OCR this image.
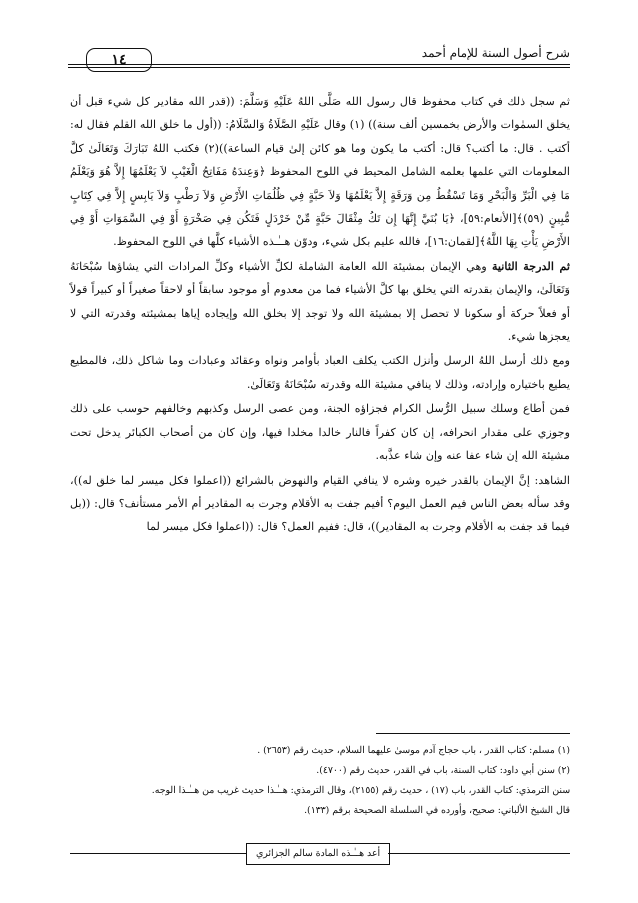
شرح أصول السنة للإمام أحمد
١٤

ثم سجل ذلك في كتاب محفوظ قال رسول الله صَلَّى اللهُ عَلَيْهِ وَسَلَّمَ: ((قدر الله مقادير كل شيء قبل أن يخلق السمٰوات والأرض بخمسين ألف سنة)) (١) وقال عَلَيْهِ الصَّلَاةُ وَالسَّلَامُ: ((أول ما خلق الله القلم فقال له: أكتب . قال: ما أكتب؟ قال: أكتب ما يكون وما هو كائن إلىٰ قيام الساعة))(٢) فكتب اللهُ تَبَارَكَ وَتَعَالَىٰ كلَّ المعلومات التي علمها بعلمه الشامل المحيط في اللوح المحفوظ ﴿وَعِندَهُ مَفَاتِحُ الْغَيْبِ لاَ يَعْلَمُهَا إِلاَّ هُوَ وَيَعْلَمُ مَا فِي الْبَرِّ وَالْبَحْرِ وَمَا تَسْقُطُ مِن وَرَقَةٍ إِلاَّ يَعْلَمُهَا وَلاَ حَبَّةٍ فِي ظُلُمَاتِ الأَرْضِ وَلاَ رَطْبٍ وَلاَ يَابِسٍ إِلاَّ فِي كِتَابٍ مُّبِينٍ (٥٩)﴾[الأنعام:٥٩]، ﴿يَا بُنَيَّ إِنَّهَا إِن تَكُ مِثْقَالَ حَبَّةٍ مِّنْ خَرْدَلٍ فَتَكُن فِي صَخْرَةٍ أَوْ فِي السَّمَوَاتِ أَوْ فِي الأَرْضِ يَأْتِ بِهَا اللَّهُ﴾[لقمان:١٦]، فالله عليم بكل شيء، ودوّن هــٰـذه الأشياء كلَّها في اللوح المحفوظ.

ثم الدرجة الثانية وهي الإيمان بمشيئة الله العامة الشاملة لكلِّ الأشياء وكلِّ المرادات التي يشاؤها سُبْحَانَهُ وَتَعَالَىٰ، والإيمان بقدرته التي يخلق بها كلَّ الأشياء فما من معدوم أو موجود سابقاً أو لاحقاً صغيراً أو كبيراً قولاً أو فعلاً حركة أو سكونا لا تحصل إلا بمشيئة الله ولا توجد إلا بخلق الله وإيجاده إياها بمشيئته وقدرته التي لا يعجزها شيء.

ومع ذلك أرسل اللهُ الرسل وأنزل الكتب يكلف العباد بأوامر ونواه وعقائد وعبادات وما شاكل ذلك، فالمطيع يطيع باختياره وإرادته، وذلك لا ينافي مشيئة الله وقدرته سُبْحَانَهُ وَتَعَالَىٰ.

فمن أطاع وسلك سبيل الرُّسل الكرام فجزاؤه الجنة، ومن عصى الرسل وكذبهم وخالفهم حوسب على ذلك وجوزي على مقدار انحرافه، إن كان كفراً فالنار خالدا مخلدا فيها، وإن كان من أصحاب الكبائر يدخل تحت مشيئة الله إن شاء عفا عنه وإن شاء عذَّبه.

الشاهد: إنَّ الإيمان بالقدر خيره وشره لا ينافي القيام والنهوض بالشرائع ((اعملوا فكل ميسر لما خلق له))، وقد سأله بعض الناس فيم العمل اليوم؟ أفيم جفت به الأقلام وجرت به المقادير أم الأمر مستأنف؟ قال: ((بل فيما قد جفت به الأقلام وجرت به المقادير))، قال: ففيم العمل؟ قال: ((اعملوا فكل ميسر لما

(١) مسلم: كتاب القدر ، باب حجاج آدم موسىٰ عليهما السلام، حديث رقم (٢٦٥٣) .

(٢) سنن أبي داود: كتاب السنة، باب في القدر، حديث رقم (٤٧٠٠).

سنن الترمذي: كتاب القدر، باب (١٧) ، حديث رقم (٢١٥٥)، وقال الترمذي: هــٰـذا حديث غريب من هــٰـذا الوجه.

قال الشيخ الألباني: صحيح، وأورده في السلسلة الصحيحة برقم (١٣٣).

أعد هــٰـذه المادة سالم الجزائري
